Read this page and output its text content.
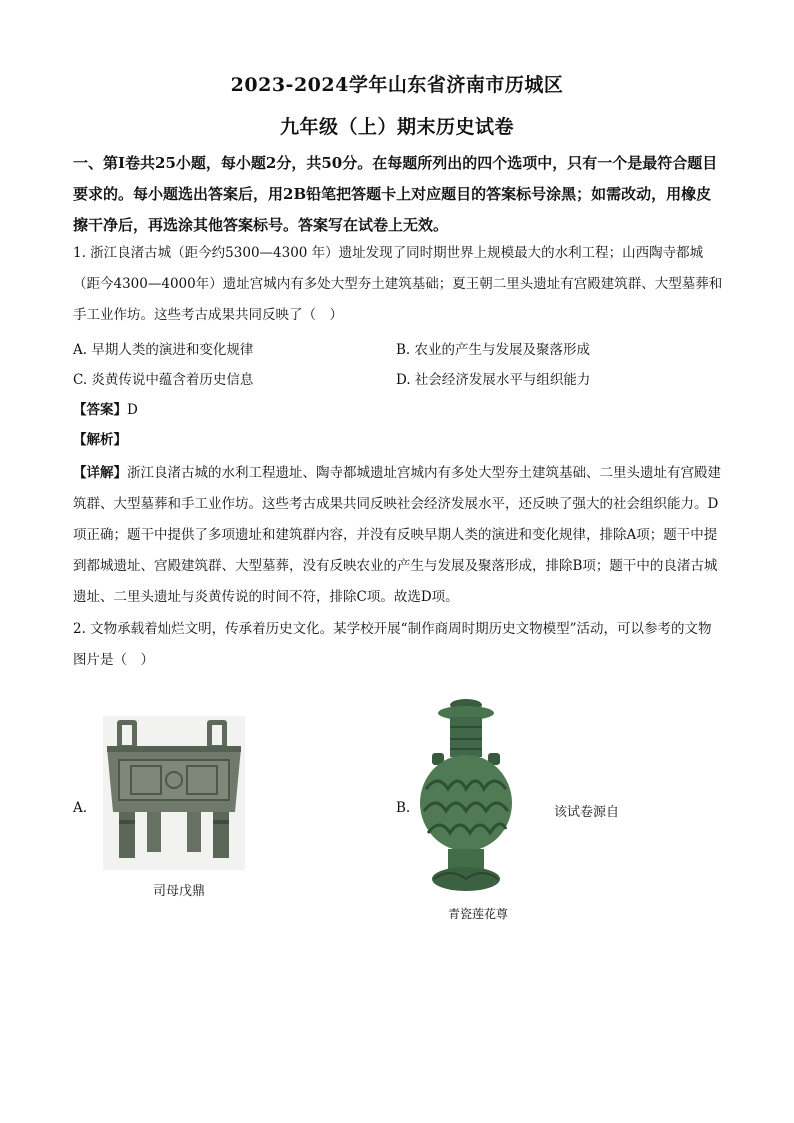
2023-2024学年山东省济南市历城区
九年级（上）期末历史试卷
一、第Ⅰ卷共25小题，每小题2分，共50分。在每题所列出的四个选项中，只有一个是最符合题目要求的。每小题选出答案后，用2B铅笔把答题卡上对应题目的答案标号涂黑；如需改动，用橡皮擦干净后，再选涂其他答案标号。答案写在试卷上无效。
1. 浙江良渚古城（距今约5300—4300 年）遗址发现了同时期世界上规模最大的水利工程；山西陶寺都城（距今4300—4000年）遗址宫城内有多处大型夯土建筑基础；夏王朝二里头遗址有宫殿建筑群、大型墓葬和手工业作坊。这些考古成果共同反映了（　）
A. 早期人类的演进和变化规律	B. 农业的产生与发展及聚落形成
C. 炎黄传说中蕴含着历史信息	D. 社会经济发展水平与组织能力
【答案】D
【解析】
【详解】浙江良渚古城的水利工程遗址、陶寺都城遗址宫城内有多处大型夯土建筑基础、二里头遗址有宫殿建筑群、大型墓葬和手工业作坊。这些考古成果共同反映社会经济发展水平，还反映了强大的社会组织能力。D项正确；题干中提供了多项遗址和建筑群内容，并没有反映早期人类的演进和变化规律，排除A项；题干中提到都城遗址、宫殿建筑群、大型墓葬，没有反映农业的产生与发展及聚落形成，排除B项；题干中的良渚古城遗址、二里头遗址与炎黄传说的时间不符，排除C项。故选D项。
2. 文物承载着灿烂文明，传承着历史文化。某学校开展“制作商周时期历史文物模型”活动，可以参考的文物图片是（　）
A.
司母戊鼎
B.
青瓷莲花尊
该试卷源自
